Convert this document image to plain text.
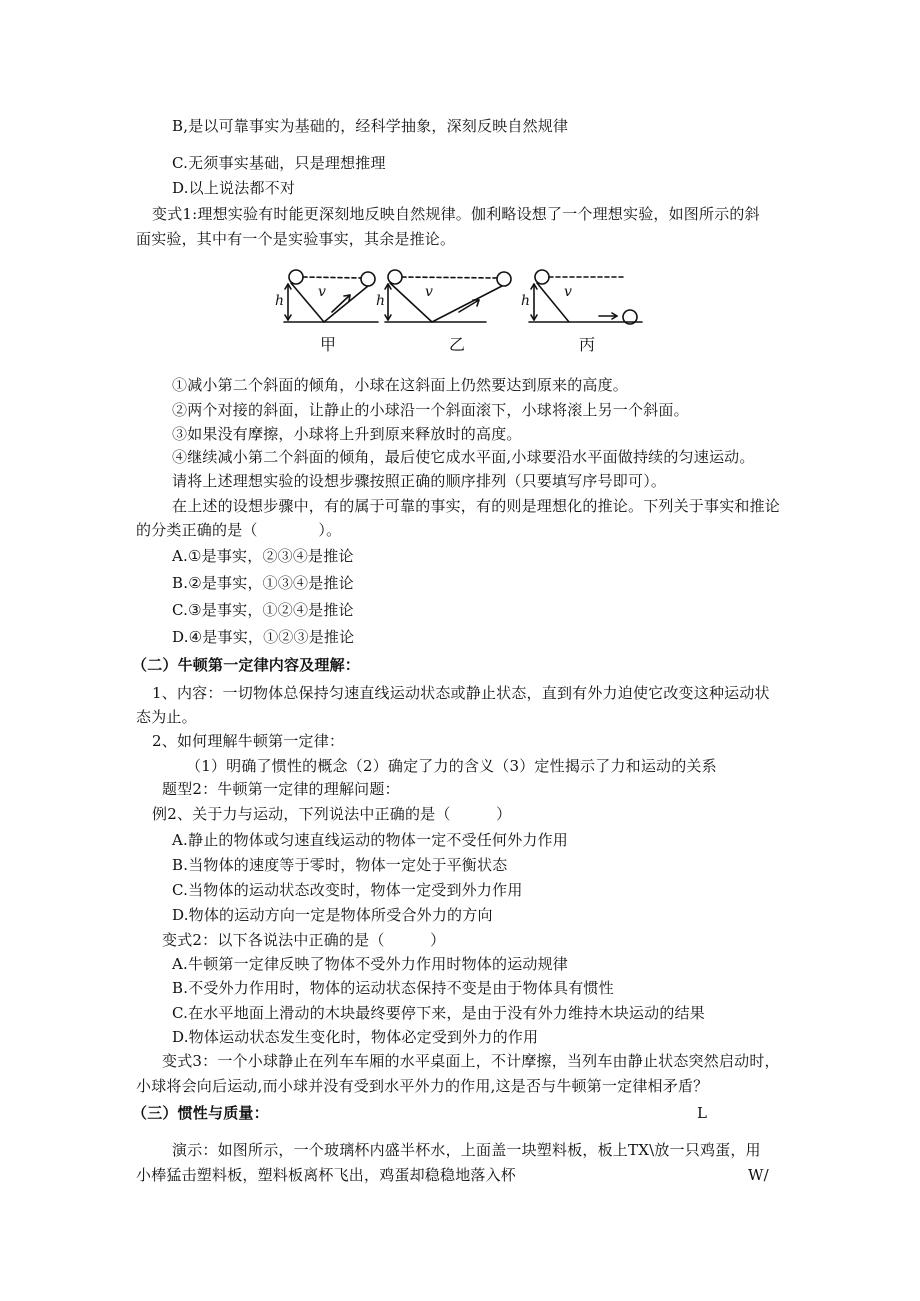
B,是以可靠事实为基础的，经科学抽象，深刻反映自然规律
C.无须事实基础，只是理想推理
D.以上说法都不对
变式1:理想实验有时能更深刻地反映自然规律。伽利略设想了一个理想实验，如图所示的斜
面实验，其中有一个是实验事实，其余是推论。
h	h	h
v	v	v
甲	乙	丙
①减小第二个斜面的倾角，小球在这斜面上仍然要达到原来的高度。
②两个对接的斜面，让静止的小球沿一个斜面滚下，小球将滚上另一个斜面。
③如果没有摩擦，小球将上升到原来释放时的高度。
④继续减小第二个斜面的倾角，最后使它成水平面,小球要沿水平面做持续的匀速运动。
请将上述理想实验的设想步骤按照正确的顺序排列（只要填写序号即可）。
在上述的设想步骤中，有的属于可靠的事实，有的则是理想化的推论。下列关于事实和推论
的分类正确的是（　　　　）。
A.①是事实，②③④是推论
B.②是事实，①③④是推论
C.③是事实，①②④是推论
D.④是事实，①②③是推论
（二）牛顿第一定律内容及理解：
1、内容：一切物体总保持匀速直线运动状态或静止状态，直到有外力迫使它改变这种运动状
态为止。
2、如何理解牛顿第一定律：
（1）明确了惯性的概念（2）确定了力的含义（3）定性揭示了力和运动的关系
题型2：牛顿第一定律的理解问题：
例2、关于力与运动，下列说法中正确的是（　　　）
A.静止的物体或匀速直线运动的物体一定不受任何外力作用
B.当物体的速度等于零时，物体一定处于平衡状态
C.当物体的运动状态改变时，物体一定受到外力作用
D.物体的运动方向一定是物体所受合外力的方向
变式2：以下各说法中正确的是（　　　）
A.牛顿第一定律反映了物体不受外力作用时物体的运动规律
B.不受外力作用时，物体的运动状态保持不变是由于物体具有惯性
C.在水平地面上滑动的木块最终要停下来，是由于没有外力维持木块运动的结果
D.物体运动状态发生变化时，物体必定受到外力的作用
变式3：一个小球静止在列车车厢的水平桌面上，不计摩擦，当列车由静止状态突然启动时，
小球将会向后运动,而小球并没有受到水平外力的作用,这是否与牛顿第一定律相矛盾？
（三）惯性与质量：	L
演示：如图所示，一个玻璃杯内盛半杯水，上面盖一块塑料板，板上TX\放一只鸡蛋，用
小棒猛击塑料板，塑料板离杯飞出，鸡蛋却稳稳地落入杯	W/
